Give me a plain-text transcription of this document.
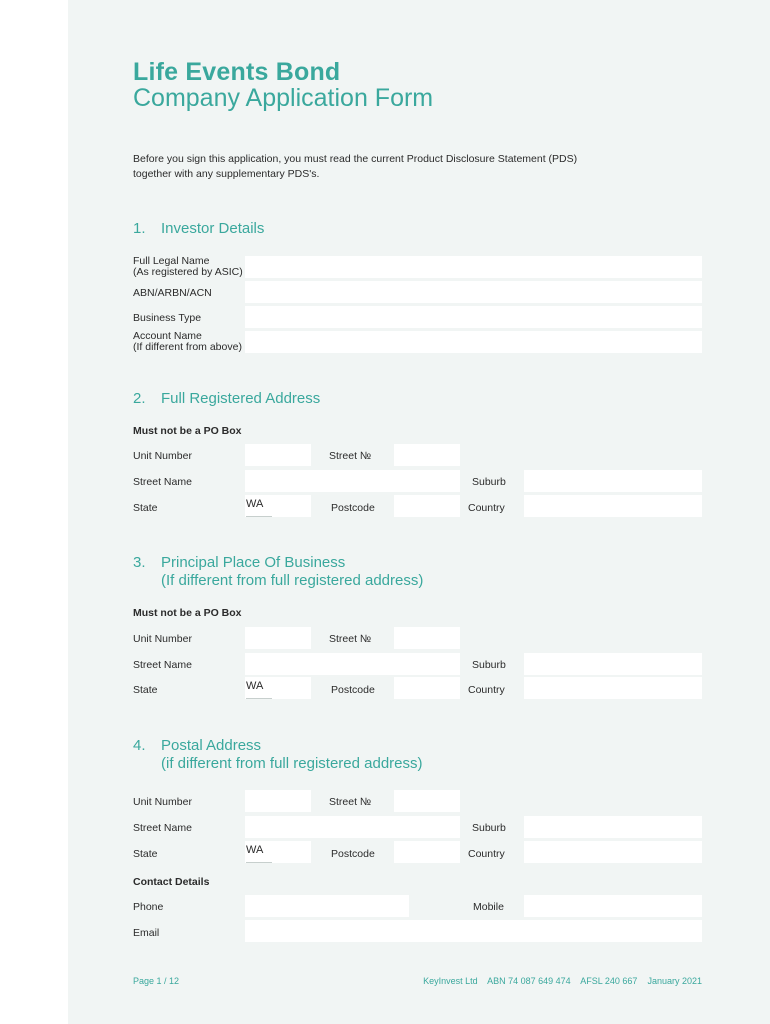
Life Events Bond
Company Application Form
Before you sign this application, you must read the current Product Disclosure Statement (PDS)
together with any supplementary PDS's.
1. Investor Details
Full Legal Name
(As registered by ASIC)
ABN/ARBN/ACN
Business Type
Account Name
(If different from above)
2. Full Registered Address
Must not be a PO Box
Unit Number	Street №
Street Name	Suburb
State	WA	Postcode	Country
3. Principal Place Of Business
(If different from full registered address)
Must not be a PO Box
Unit Number	Street №
Street Name	Suburb
State	WA	Postcode	Country
4. Postal Address
(if different from full registered address)
Unit Number	Street №
Street Name	Suburb
State	WA	Postcode	Country
Contact Details
Phone	Mobile
Email
Page 1 / 12	KeyInvest Ltd ABN 74 087 649 474 AFSL 240 667 January 2021
